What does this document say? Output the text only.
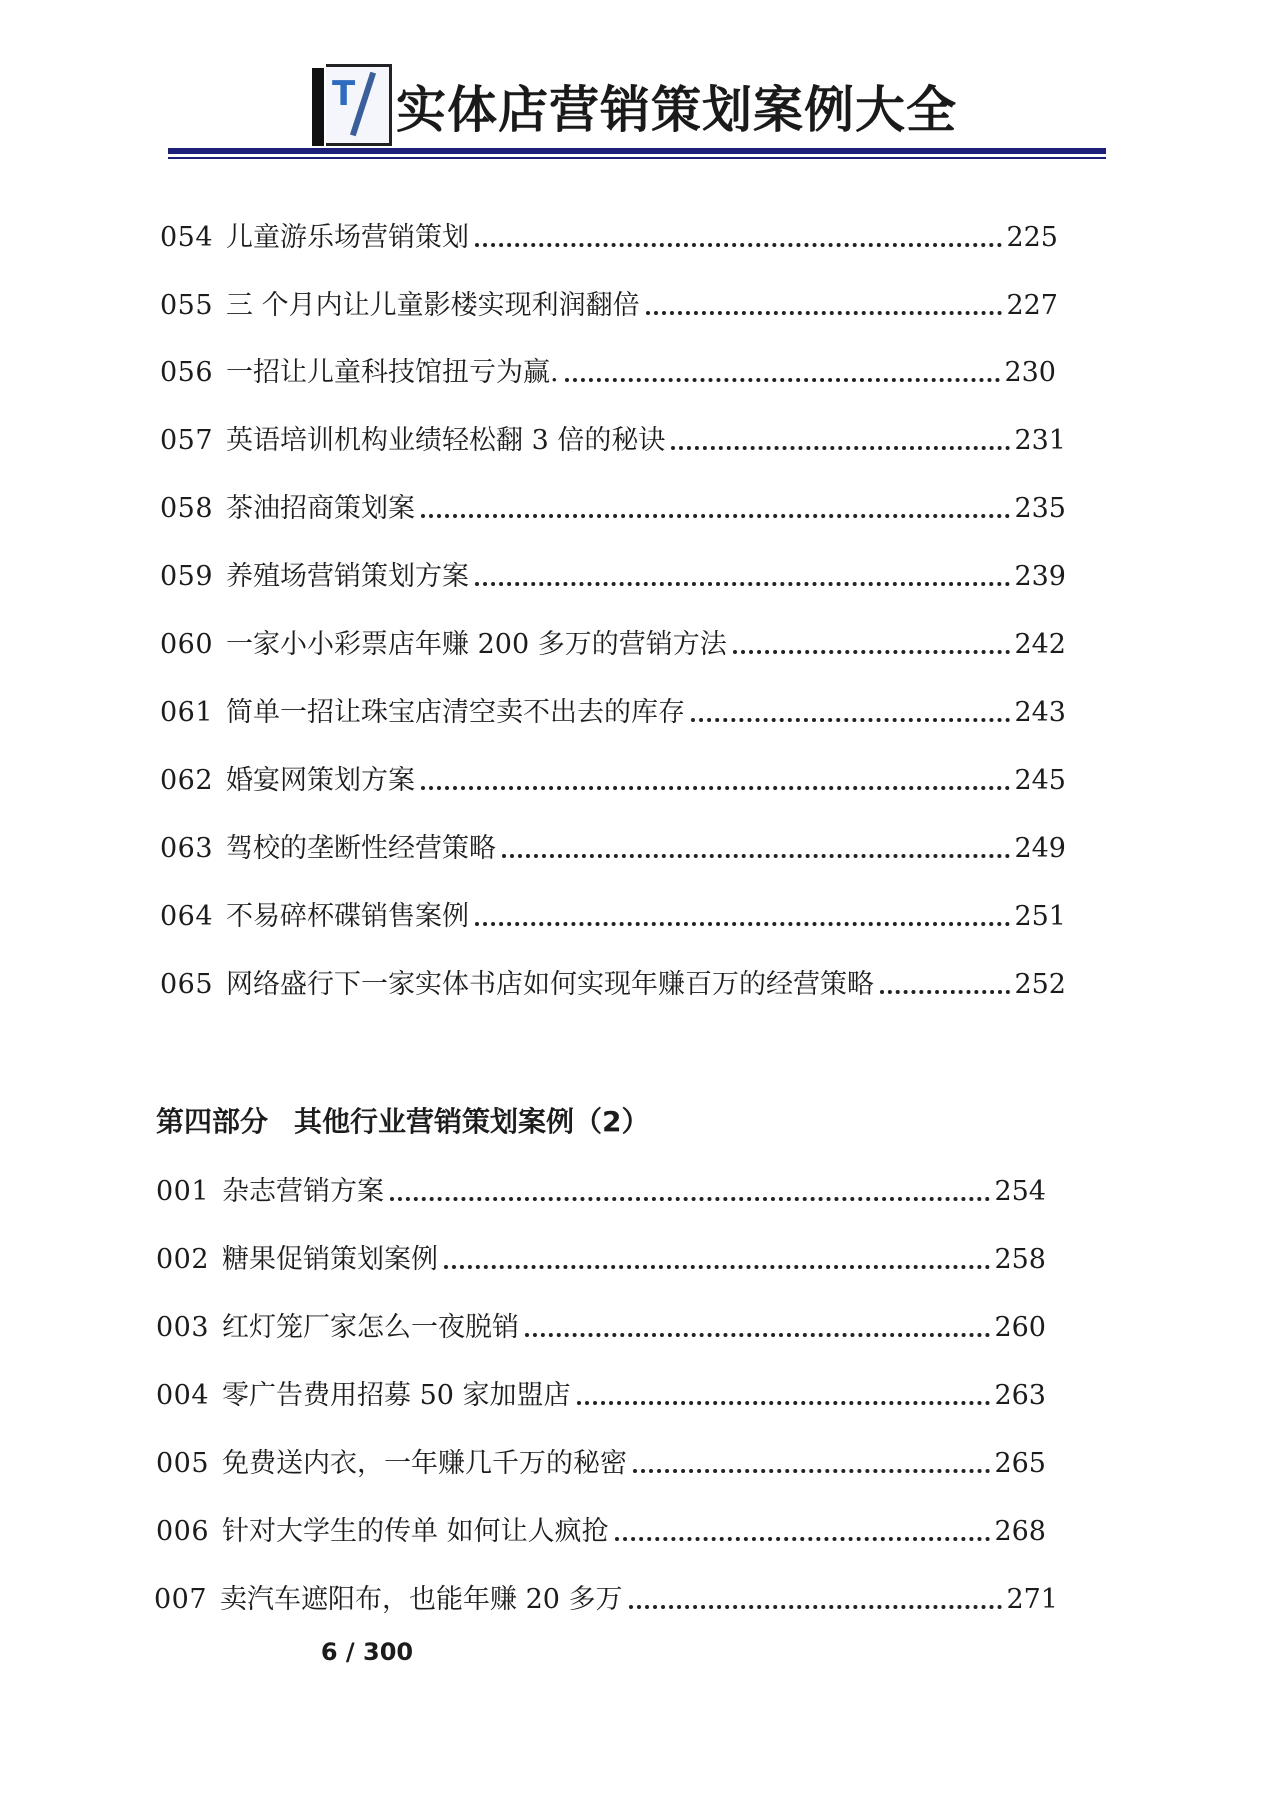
T 实体店营销策划案例大全
054 儿童游乐场营销策划	225
055 三 个月内让儿童影楼实现利润翻倍	227
056 一招让儿童科技馆扭亏为赢.	230
057 英语培训机构业绩轻松翻 3 倍的秘诀	231
058 茶油招商策划案	235
059 养殖场营销策划方案	239
060 一家小小彩票店年赚 200 多万的营销方法	242
061 简单一招让珠宝店清空卖不出去的库存	243
062 婚宴网策划方案	245
063 驾校的垄断性经营策略	249
064 不易碎杯碟销售案例	251
065 网络盛行下一家实体书店如何实现年赚百万的经营策略	252
第四部分 其他行业营销策划案例（2）
001 杂志营销方案	254
002 糖果促销策划案例	258
003 红灯笼厂家怎么一夜脱销	260
004 零广告费用招募 50 家加盟店	263
005 免费送内衣，一年赚几千万的秘密	265
006 针对大学生的传单 如何让人疯抢	268
007 卖汽车遮阳布，也能年赚 20 多万	271
6 / 300
